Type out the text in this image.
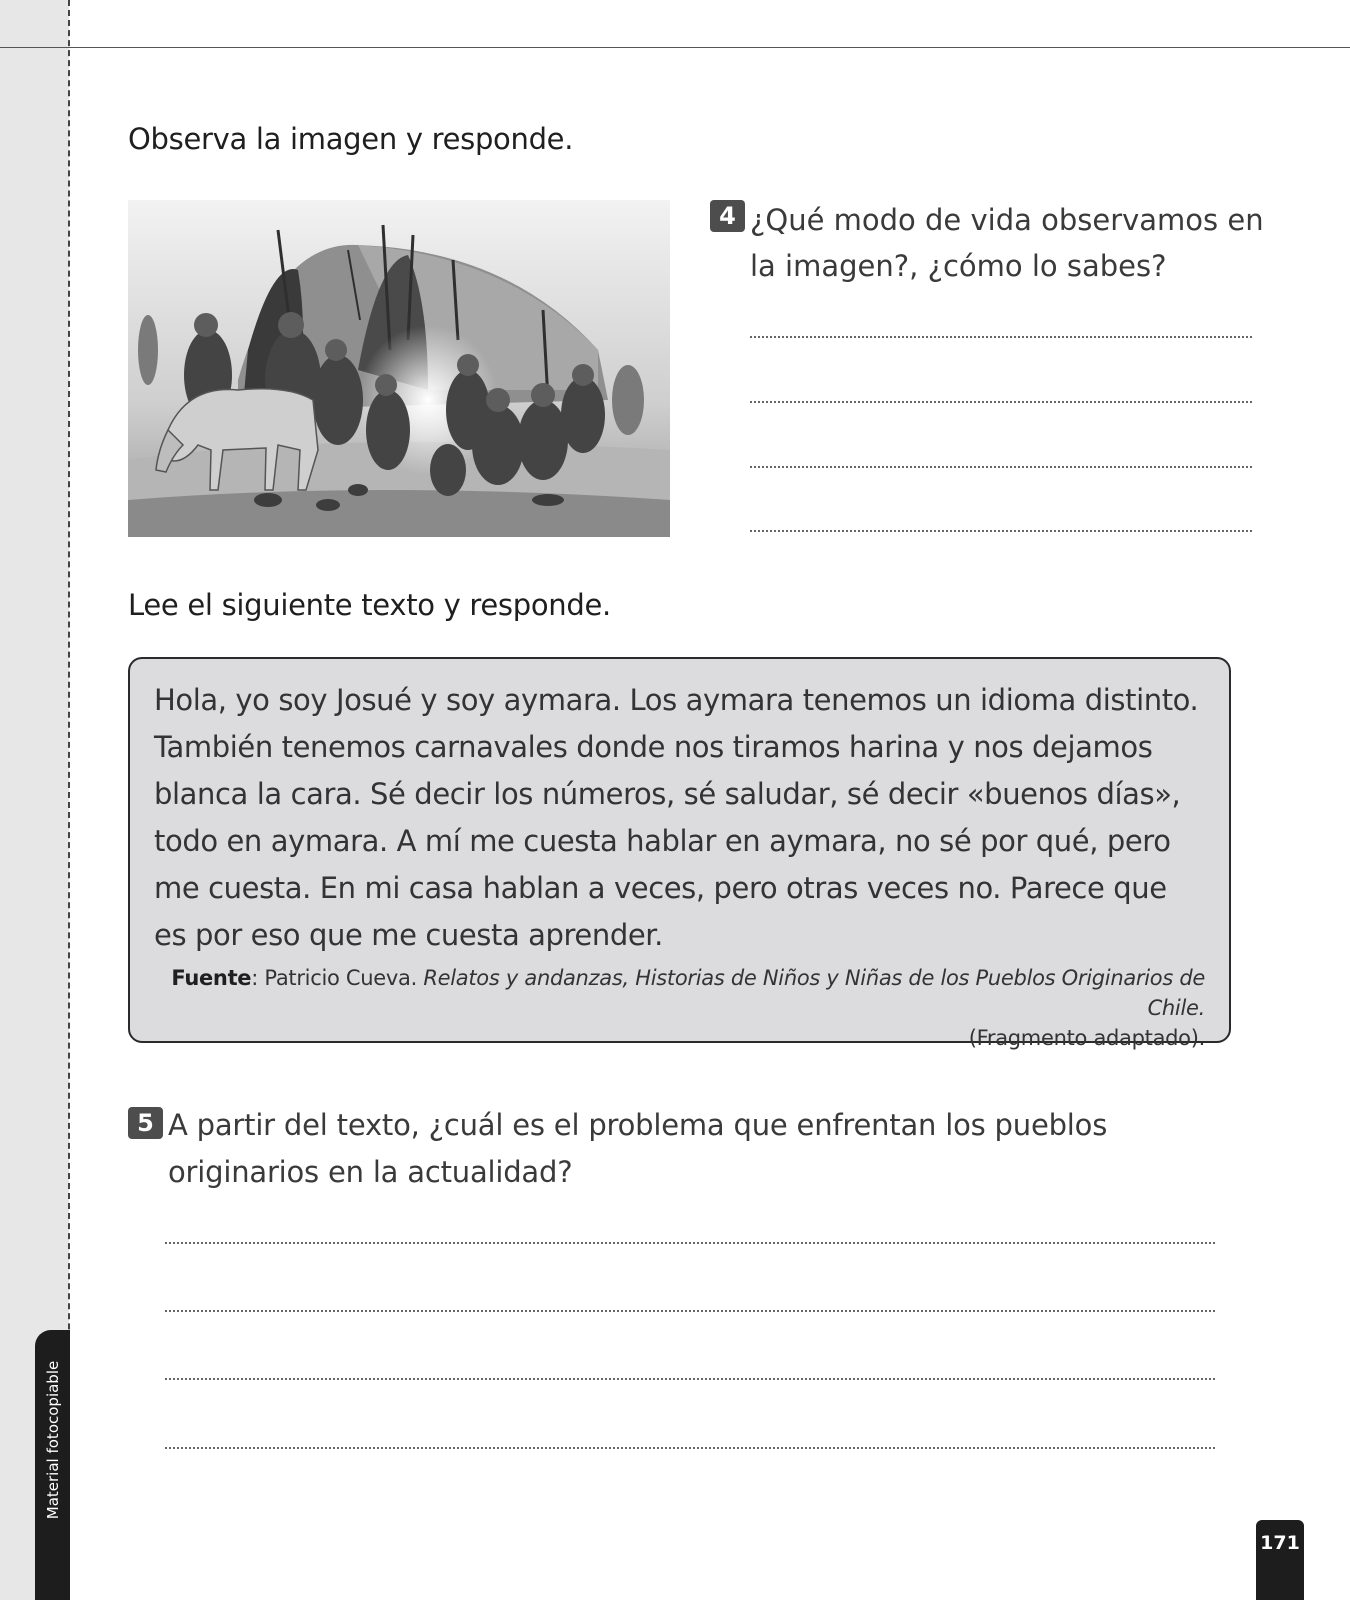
Material fotocopiable
171
Observa la imagen y responde.
4 ¿Qué modo de vida observamos en la imagen?, ¿cómo lo sabes?

Lee el siguiente texto y responde.

Hola, yo soy Josué y soy aymara. Los aymara tenemos un idioma distinto. También tenemos carnavales donde nos tiramos harina y nos dejamos blanca la cara. Sé decir los números, sé saludar, sé decir «buenos días», todo en aymara. A mí me cuesta hablar en aymara, no sé por qué, pero me cuesta. En mi casa hablan a veces, pero otras veces no. Parece que es por eso que me cuesta aprender.

Fuente: Patricio Cueva. Relatos y andanzas, Historias de Niños y Niñas de los Pueblos Originarios de Chile.
(Fragmento adaptado).

5 A partir del texto, ¿cuál es el problema que enfrentan los pueblos originarios en la actualidad?
